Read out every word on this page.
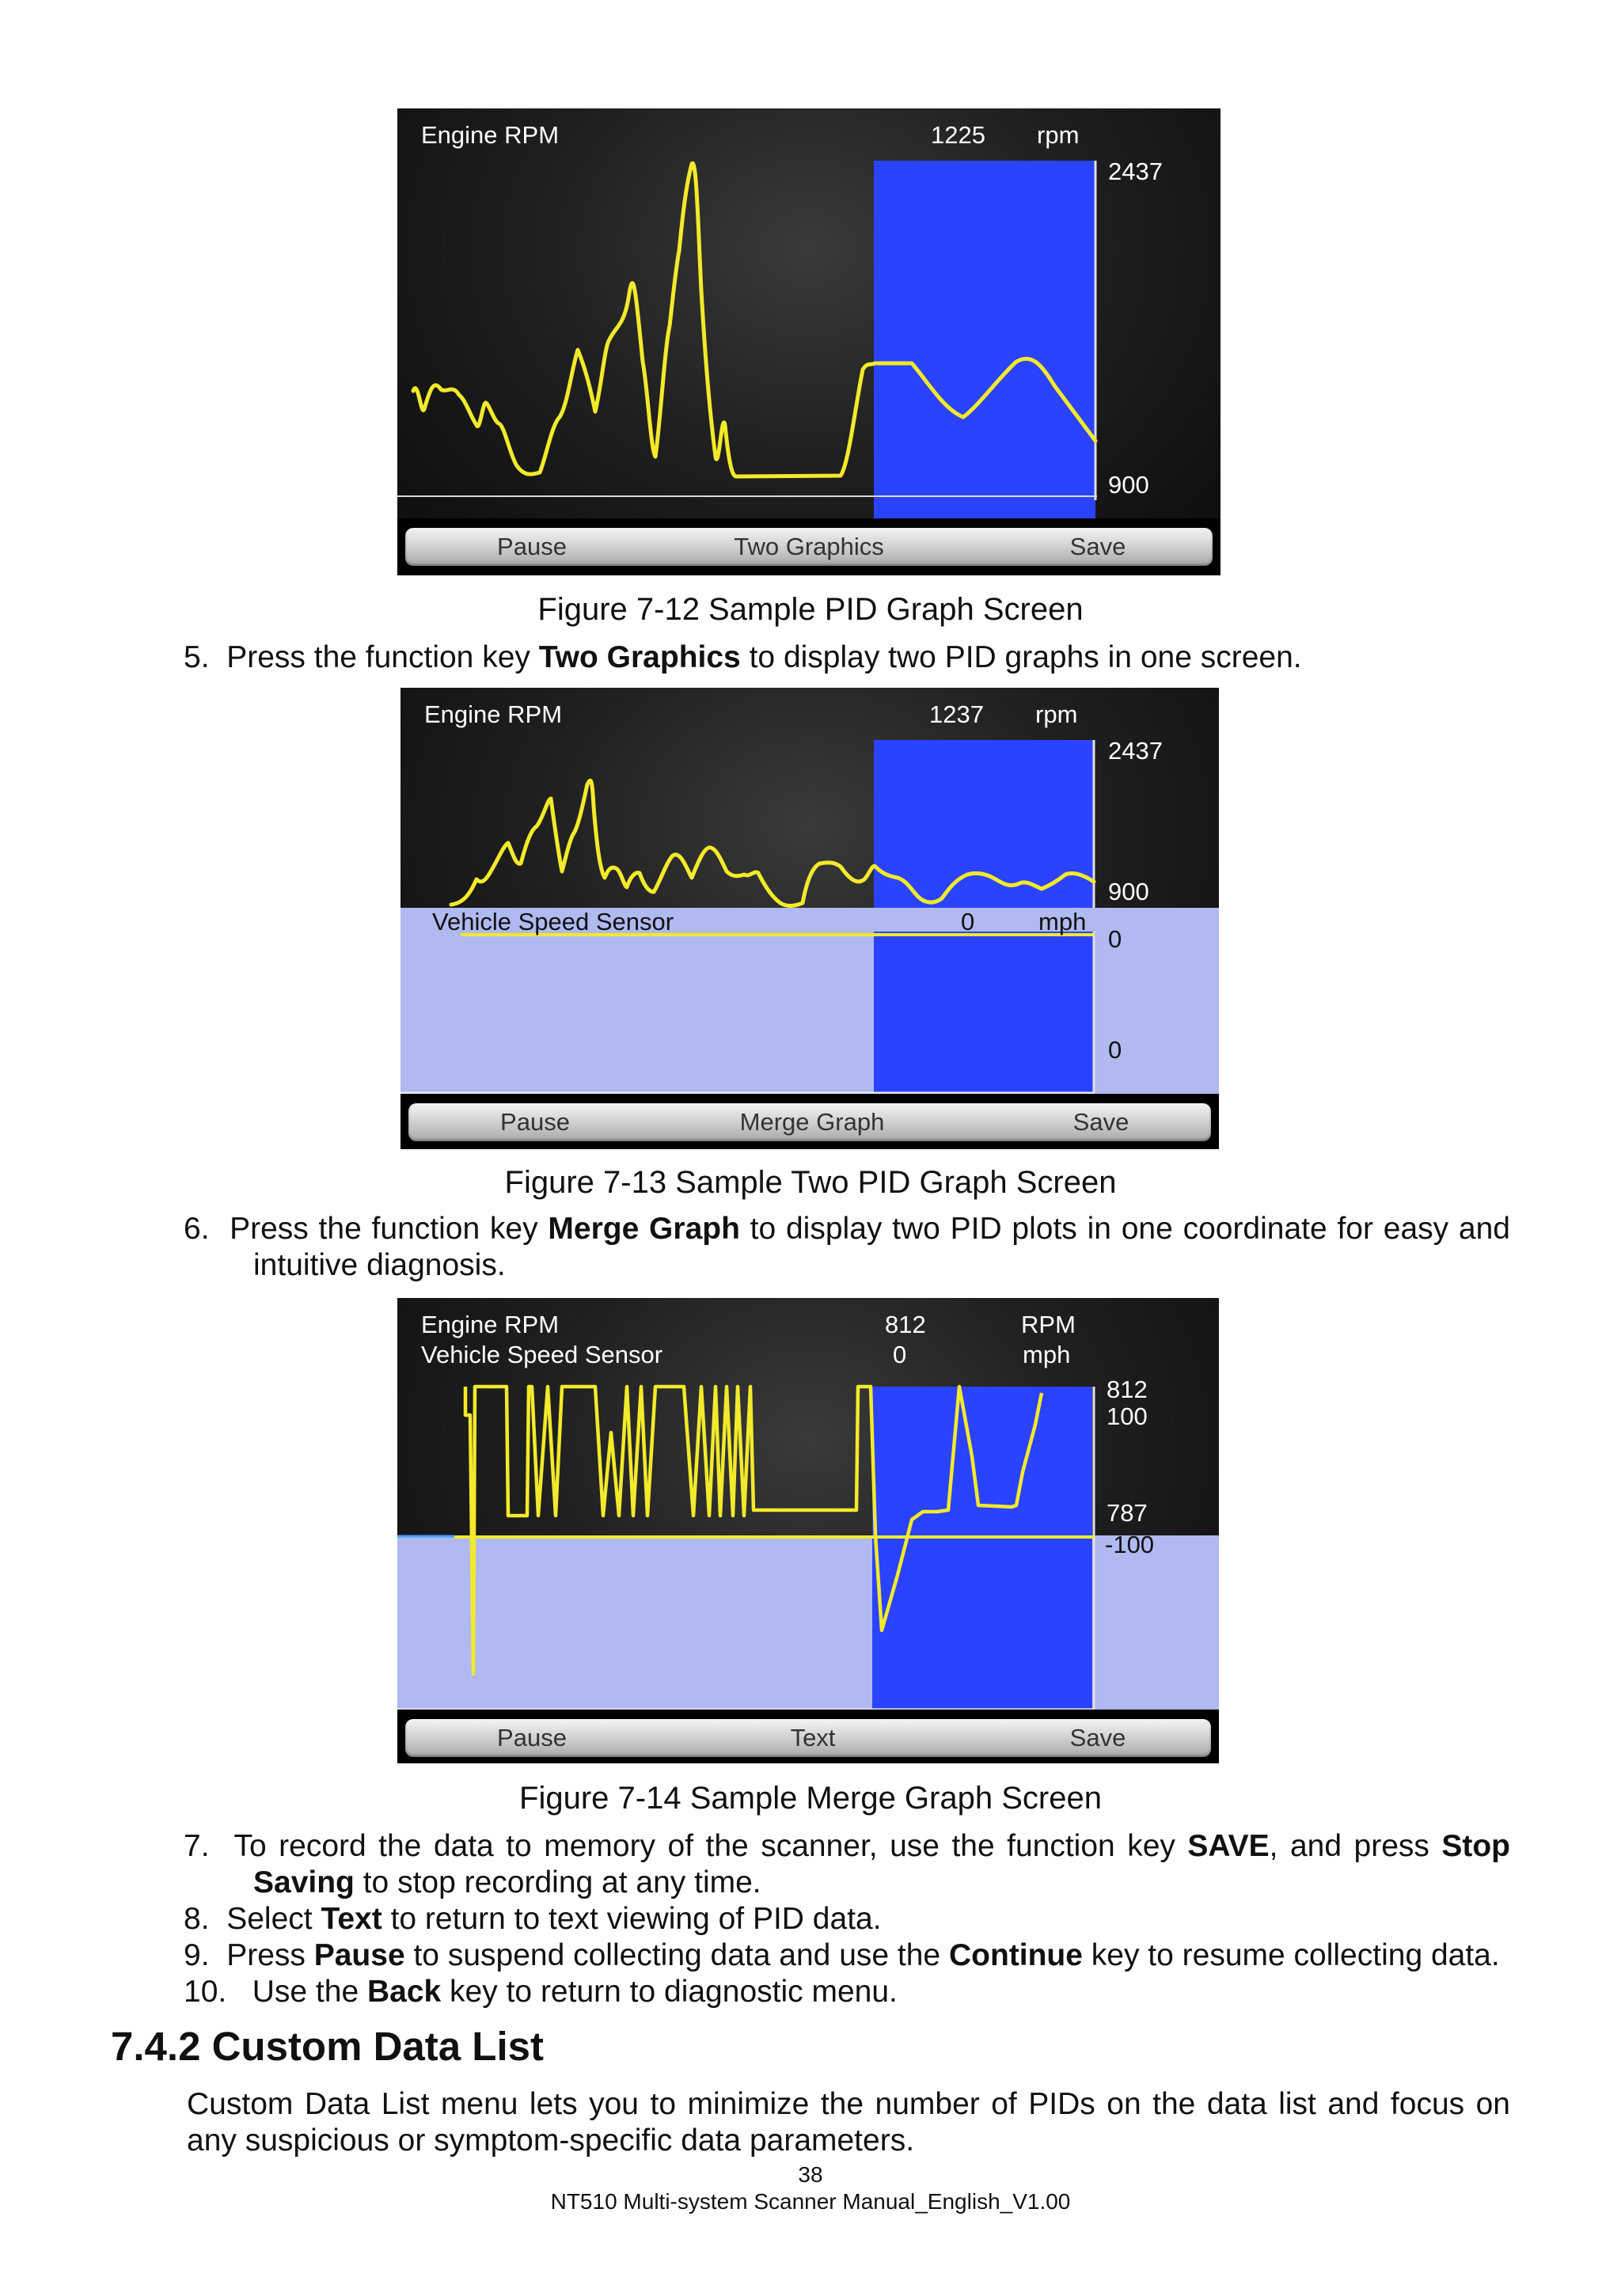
Engine RPM	1225 rpm
2437
900
Pause	Two Graphics	Save
Figure 7-12 Sample PID Graph Screen
5. Press the function key Two Graphics to display two PID graphs in one screen.
Engine RPM	1237 rpm
2437
900
Vehicle Speed Sensor	0	mph
0
0
Pause	Merge Graph	Save
Figure 7-13 Sample Two PID Graph Screen
6. Press the function key Merge Graph to display two PID plots in one coordinate for easy and
intuitive diagnosis.
Engine RPM
Vehicle Speed Sensor
812
0
RPM
mph
812
100
787
-100
Pause	Text	Save
Figure 7-14 Sample Merge Graph Screen
7. To record the data to memory of the scanner, use the function key SAVE, and press Stop
Saving to stop recording at any time.
8. Select Text to return to text viewing of PID data.
9. Press Pause to suspend collecting data and use the Continue key to resume collecting data.
10. Use the Back key to return to diagnostic menu.
7.4.2 Custom Data List
Custom Data List menu lets you to minimize the number of PIDs on the data list and focus on
any suspicious or symptom-specific data parameters.
38
NT510 Multi-system Scanner Manual_English_V1.00
